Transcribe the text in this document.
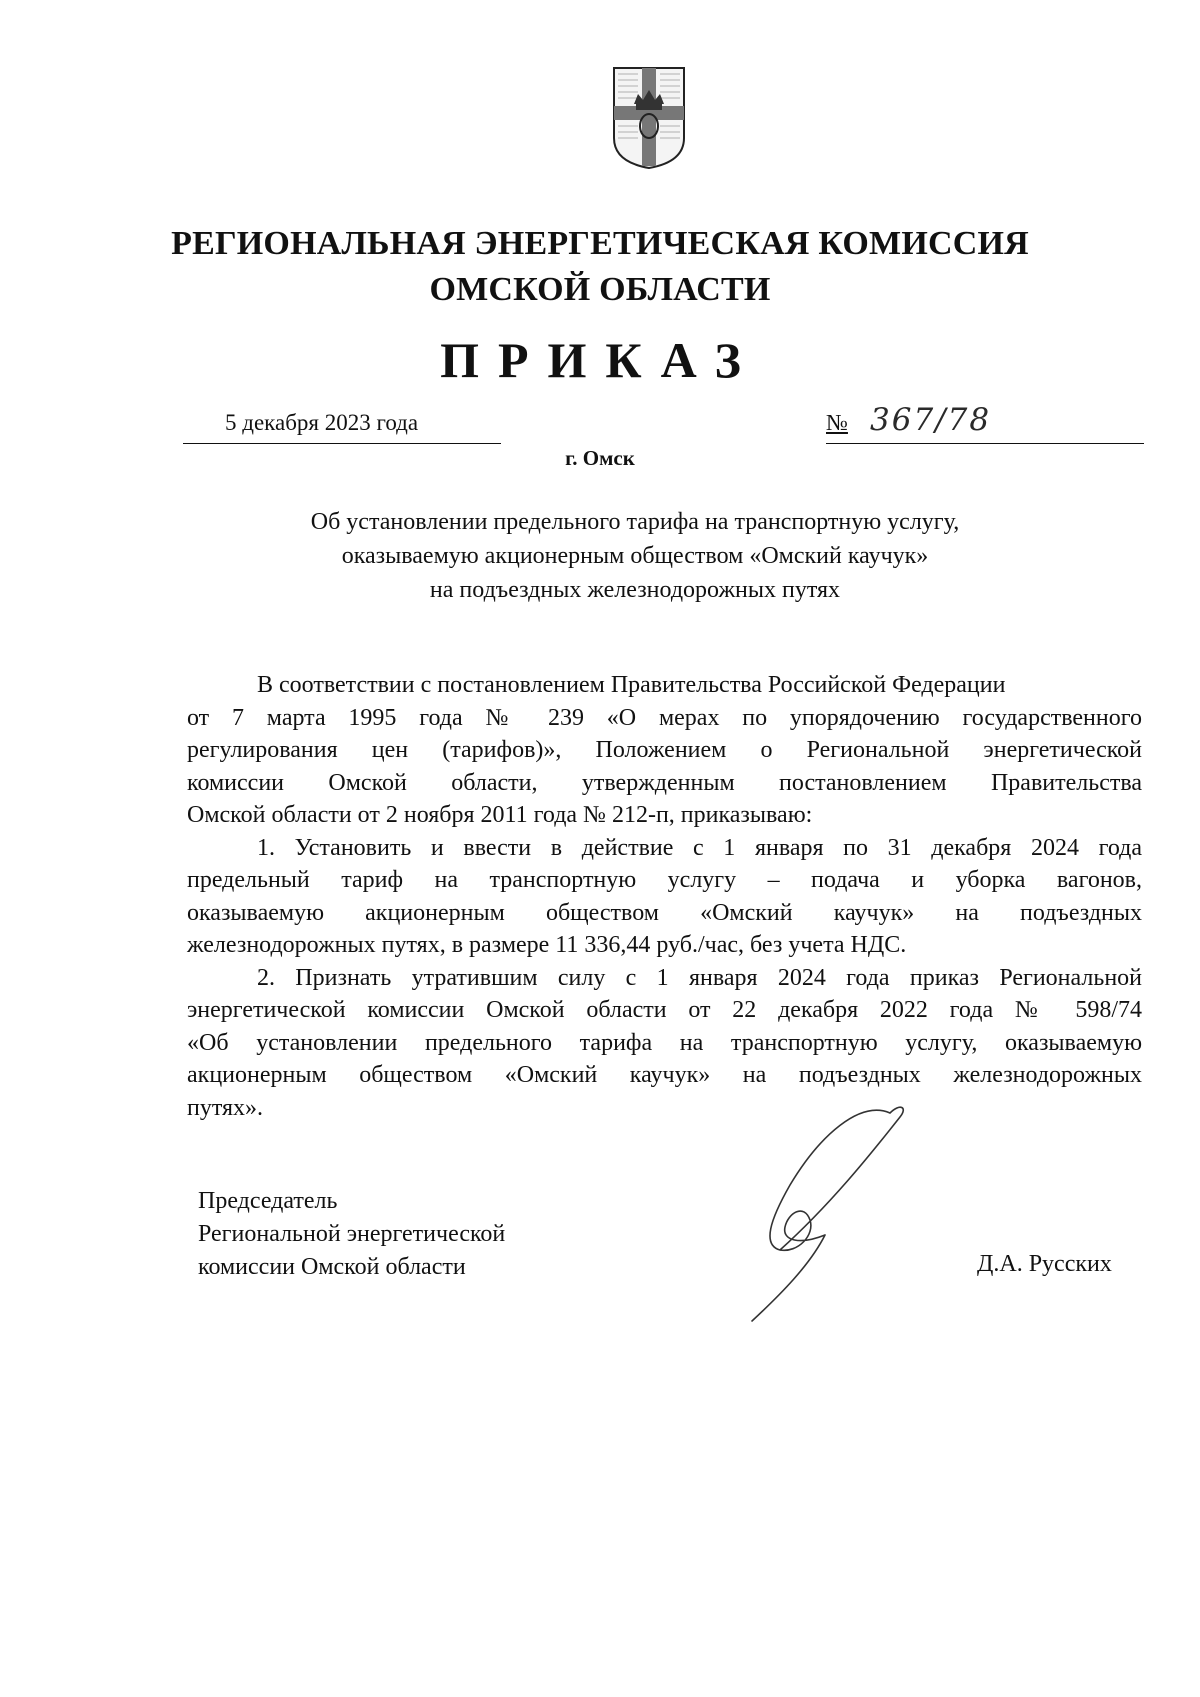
РЕГИОНАЛЬНАЯ ЭНЕРГЕТИЧЕСКАЯ КОМИССИЯ
ОМСКОЙ ОБЛАСТИ
ПРИКАЗ
5 декабря 2023 года	№ 367/78
г. Омск
Об установлении предельного тарифа на транспортную услугу,
оказываемую акционерным обществом «Омский каучук»
на подъездных железнодорожных путях
В соответствии с постановлением Правительства Российской Федерации
от 7 марта 1995 года № 239 «О мерах по упорядочению государственного
регулирования цен (тарифов)», Положением о Региональной энергетической
комиссии Омской области, утвержденным постановлением Правительства
Омской области от 2 ноября 2011 года № 212-п, приказываю:
1. Установить и ввести в действие с 1 января по 31 декабря 2024 года
предельный тариф на транспортную услугу – подача и уборка вагонов,
оказываемую акционерным обществом «Омский каучук» на подъездных
железнодорожных путях, в размере 11 336,44 руб./час, без учета НДС.
2. Признать утратившим силу с 1 января 2024 года приказ Региональной
энергетической комиссии Омской области от 22 декабря 2022 года № 598/74
«Об установлении предельного тарифа на транспортную услугу, оказываемую
акционерным обществом «Омский каучук» на подъездных железнодорожных
путях».
Председатель
Региональной энергетической
комиссии Омской области	Д.А. Русских
